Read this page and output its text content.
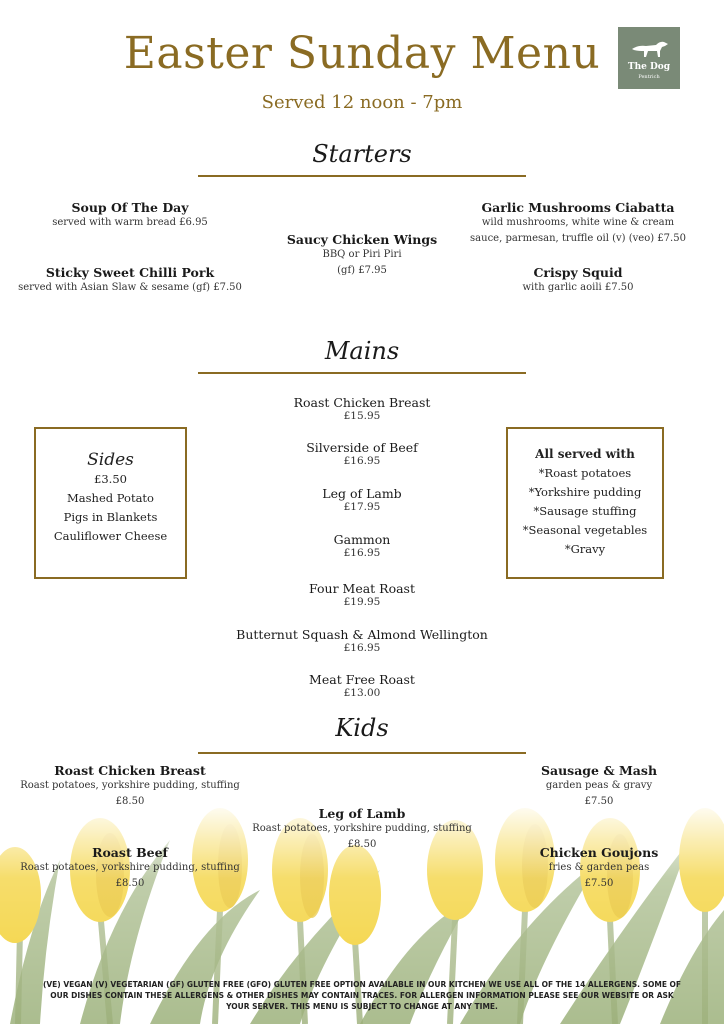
Easter Sunday Menu
Served 12 noon - 7pm
The Dog
Pentrich
Starters
Soup Of The Day
served with warm bread £6.95
Sticky Sweet Chilli Pork
served with Asian Slaw & sesame (gf) £7.50
Saucy Chicken Wings
BBQ or Piri Piri
(gf) £7.95
Garlic Mushrooms Ciabatta
wild mushrooms, white wine & cream
sauce, parmesan, truffle oil (v) (veo) £7.50
Crispy Squid
with garlic aoili £7.50
Mains
Roast Chicken Breast
£15.95
Silverside of Beef
£16.95
Leg of Lamb
£17.95
Gammon
£16.95
Four Meat Roast
£19.95
Butternut Squash & Almond Wellington
£16.95
Meat Free Roast
£13.00
Sides
£3.50
Mashed Potato
Pigs in Blankets
Cauliflower Cheese
All served with
*Roast potatoes
*Yorkshire pudding
*Sausage stuffing
*Seasonal vegetables
*Gravy
Kids
Roast Chicken Breast
Roast potatoes, yorkshire pudding, stuffing
£8.50
Roast Beef
Roast potatoes, yorkshire pudding, stuffing
£8.50
Leg of Lamb
Roast potatoes, yorkshire pudding, stuffing
£8.50
Sausage & Mash
garden peas & gravy
£7.50
Chicken Goujons
fries & garden peas
£7.50
(VE) VEGAN (V) VEGETARIAN (GF) GLUTEN FREE (GFO) GLUTEN FREE OPTION AVAILABLE IN OUR KITCHEN WE USE ALL OF THE 14 ALLERGENS. SOME OF OUR DISHES CONTAIN THESE ALLERGENS & OTHER DISHES MAY CONTAIN TRACES. FOR ALLERGEN INFORMATION PLEASE SEE OUR WEBSITE OR ASK YOUR SERVER. THIS MENU IS SUBJECT TO CHANGE AT ANY TIME.
